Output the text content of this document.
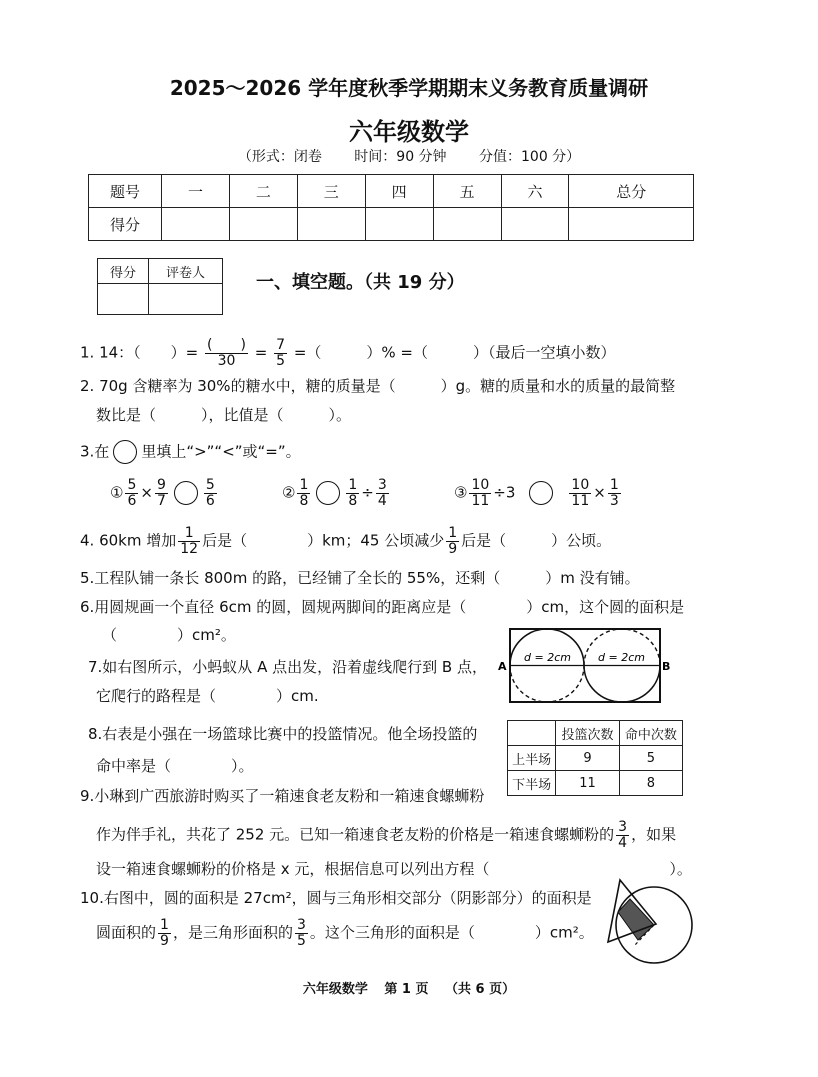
2025～2026 学年度秋季学期期末义务教育质量调研
六年级数学
（形式：闭卷 时间：90 分钟 分值：100 分）
题号	一	二	三	四	五	六	总分
得分							
得分	评卷人
		一、填空题。（共 19 分）
1. 14：（　　）= $\frac{( )}{30} = \frac{7}{5}$ =（　　　）% =（　　　）（最后一空填小数）
2. 70g 含糖率为 30%的糖水中，糖的质量是（　　　）g。糖的质量和水的质量的最简整
数比是（　　　），比值是（　　　）。
3.在 里填上“>”“<”或“=”。
① $\frac{5}{6} \times \frac{9}{7}$	$\frac{5}{6}$	② $\frac{1}{8}$	$\frac{1}{8} \div \frac{3}{4}$	③ $\frac{10}{11} \div 3$	$\frac{10}{11} \times \frac{1}{3}$
4. 60km 增加 $\frac{1}{12}$ 后是（　　　　）km；45 公顷减少 $\frac{1}{9}$ 后是（　　　）公顷。
5.工程队铺一条长 800m 的路，已经铺了全长的 55%，还剩（　　　）m 没有铺。
6.用圆规画一个直径 6cm 的圆，圆规两脚间的距离应是（　　　　）cm，这个圆的面积是
（　　　　）cm²。
7.如右图所示，小蚂蚁从 A 点出发，沿着虚线爬行到 B 点，
它爬行的路程是（　　　　）cm.
A	B
d = 2cm d = 2cm
8.右表是小强在一场篮球比赛中的投篮情况。他全场投篮的
命中率是（　　　　）。
	投篮次数	命中次数
上半场	9	5
下半场	11	8
9.小琳到广西旅游时购买了一箱速食老友粉和一箱速食螺蛳粉
作为伴手礼，共花了 252 元。已知一箱速食老友粉的价格是一箱速食螺蛳粉的 $\frac{3}{4}$ ，如果
设一箱速食螺蛳粉的价格是 x 元，根据信息可以列出方程（　　　　　　　　　　　　）。
10.右图中，圆的面积是 27cm²，圆与三角形相交部分（阴影部分）的面积是
圆面积的 $\frac{1}{9}$ ，是三角形面积的 $\frac{3}{5}$ 。这个三角形的面积是（　　　　）cm²。
六年级数学 第 1 页 （共 6 页）
